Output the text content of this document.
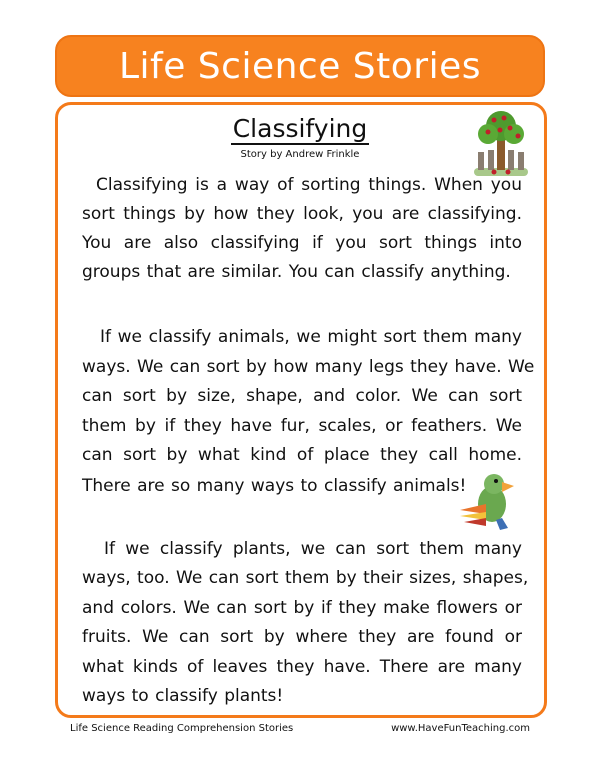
Life Science Stories
Classifying
Story by Andrew Frinkle
Classifying is a way of sorting things. When you
sort things by how they look, you are classifying.
You are also classifying if you sort things into
groups that are similar. You can classify anything.
If we classify animals, we might sort them many
ways. We can sort by how many legs they have. We
can sort by size, shape, and color. We can sort
them by if they have fur, scales, or feathers. We
can sort by what kind of place they call home.
There are so many ways to classify animals!
If we classify plants, we can sort them many
ways, too. We can sort them by their sizes, shapes,
and colors. We can sort by if they make flowers or
fruits. We can sort by where they are found or
what kinds of leaves they have. There are many
ways to classify plants!
Life Science Reading Comprehension Stories	www.HaveFunTeaching.com
